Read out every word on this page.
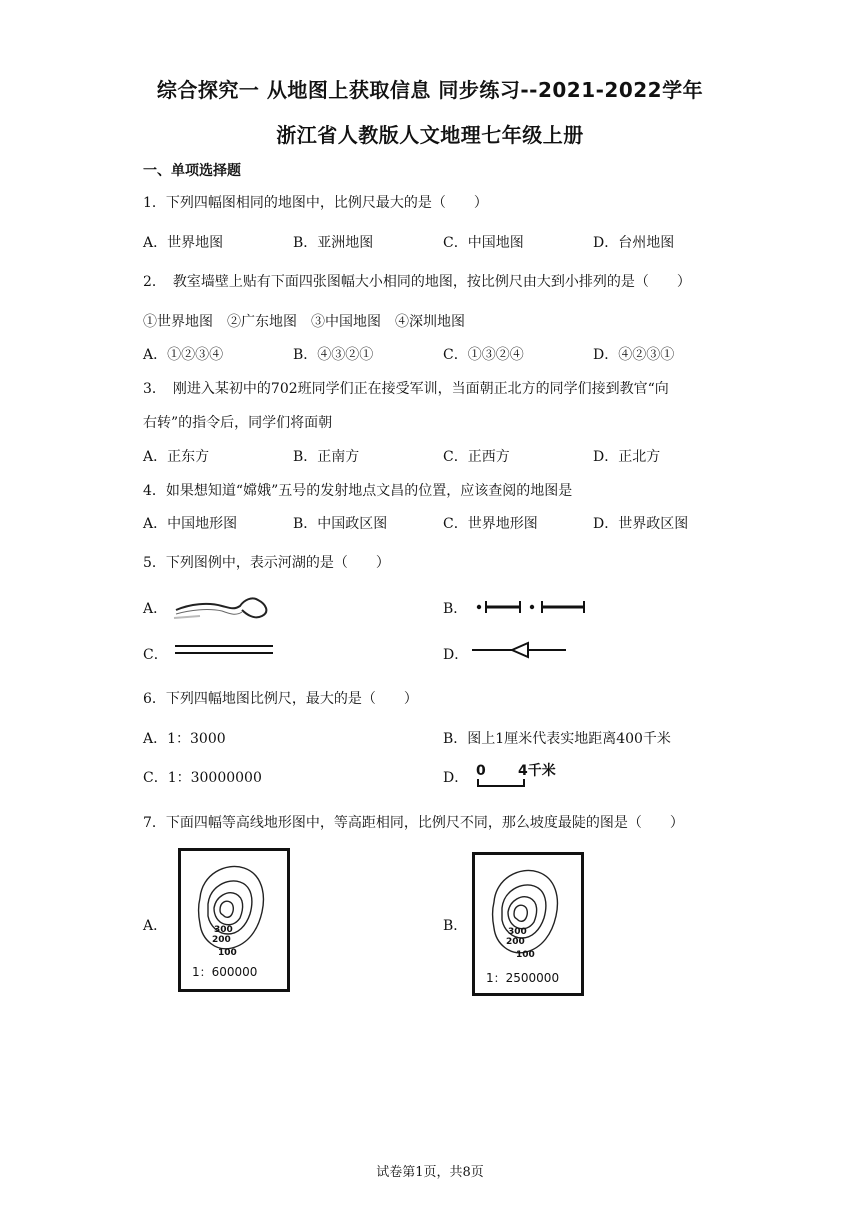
综合探究一 从地图上获取信息 同步练习--2021-2022学年
浙江省人教版人文地理七年级上册
一、单项选择题
1．下列四幅图相同的地图中，比例尺最大的是（　　）
A．世界地图	B．亚洲地图	C．中国地图	D．台州地图
2．　教室墙壁上贴有下面四张图幅大小相同的地图，按比例尺由大到小排列的是（　　）
①世界地图　②广东地图　③中国地图　④深圳地图
A．①②③④	B．④③②①	C．①③②④	D．④②③①
3．　刚进入某初中的702班同学们正在接受军训，当面朝正北方的同学们接到教官“向
右转”的指令后，同学们将面朝
A．正东方	B．正南方	C．正西方	D．正北方
4．如果想知道“嫦娥”五号的发射地点文昌的位置，应该查阅的地图是
A．中国地形图	B．中国政区图	C．世界地形图	D．世界政区图
5．下列图例中，表示河湖的是（　　）
A．	B．
C．	D．
6．下列四幅地图比例尺，最大的是（　　）
A．1：3000	B．图上1厘米代表实地距离400千米
C．1：30000000	D． 0 4千米
7．下面四幅等高线地形图中，等高距相同，比例尺不同，那么坡度最陡的图是（　　）
A．	300
200
100
1：600000
B．	300
200
100
1：2500000
试卷第1页，共8页
